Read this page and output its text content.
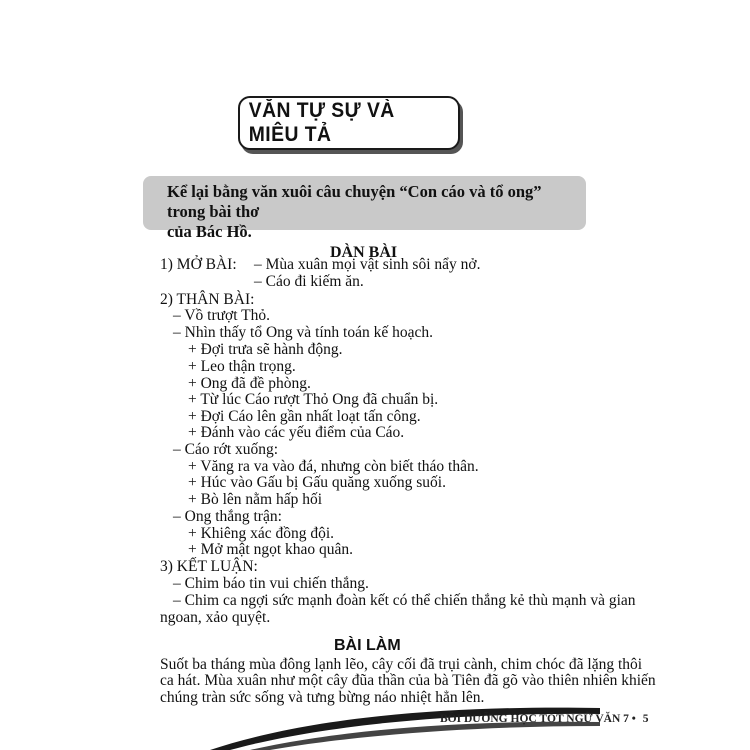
VĂN TỰ SỰ VÀ MIÊU TẢ
Kể lại bằng văn xuôi câu chuyện “Con cáo và tổ ong” trong bài thơ
của Bác Hồ.
DÀN BÀI
1) MỞ BÀI: – Mùa xuân mọi vật sinh sôi nẩy nở.
– Cáo đi kiếm ăn.
2) THÂN BÀI:
– Vồ trượt Thỏ.
– Nhìn thấy tổ Ong và tính toán kế hoạch.
+ Đợi trưa sẽ hành động.
+ Leo thận trọng.
+ Ong đã đề phòng.
+ Từ lúc Cáo rượt Thỏ Ong đã chuẩn bị.
+ Đợi Cáo lên gần nhất loạt tấn công.
+ Đánh vào các yếu điểm của Cáo.
– Cáo rớt xuống:
+ Văng ra va vào đá, nhưng còn biết tháo thân.
+ Húc vào Gấu bị Gấu quăng xuống suối.
+ Bò lên nằm hấp hối
– Ong thắng trận:
+ Khiêng xác đồng đội.
+ Mở mật ngọt khao quân.
3) KẾT LUẬN:
– Chim báo tin vui chiến thắng.
– Chim ca ngợi sức mạnh đoàn kết có thể chiến thắng kẻ thù mạnh và gian
ngoan, xảo quyệt.
BÀI LÀM
Suốt ba tháng mùa đông lạnh lẽo, cây cối đã trụi cành, chim chóc đã lặng thôi
ca hát. Mùa xuân như một cây đũa thần của bà Tiên đã gõ vào thiên nhiên khiến
chúng tràn sức sống và tưng bừng náo nhiệt hẳn lên.
BỒI DƯỠNG HỌC TỐT NGỮ VĂN 7 • 5
